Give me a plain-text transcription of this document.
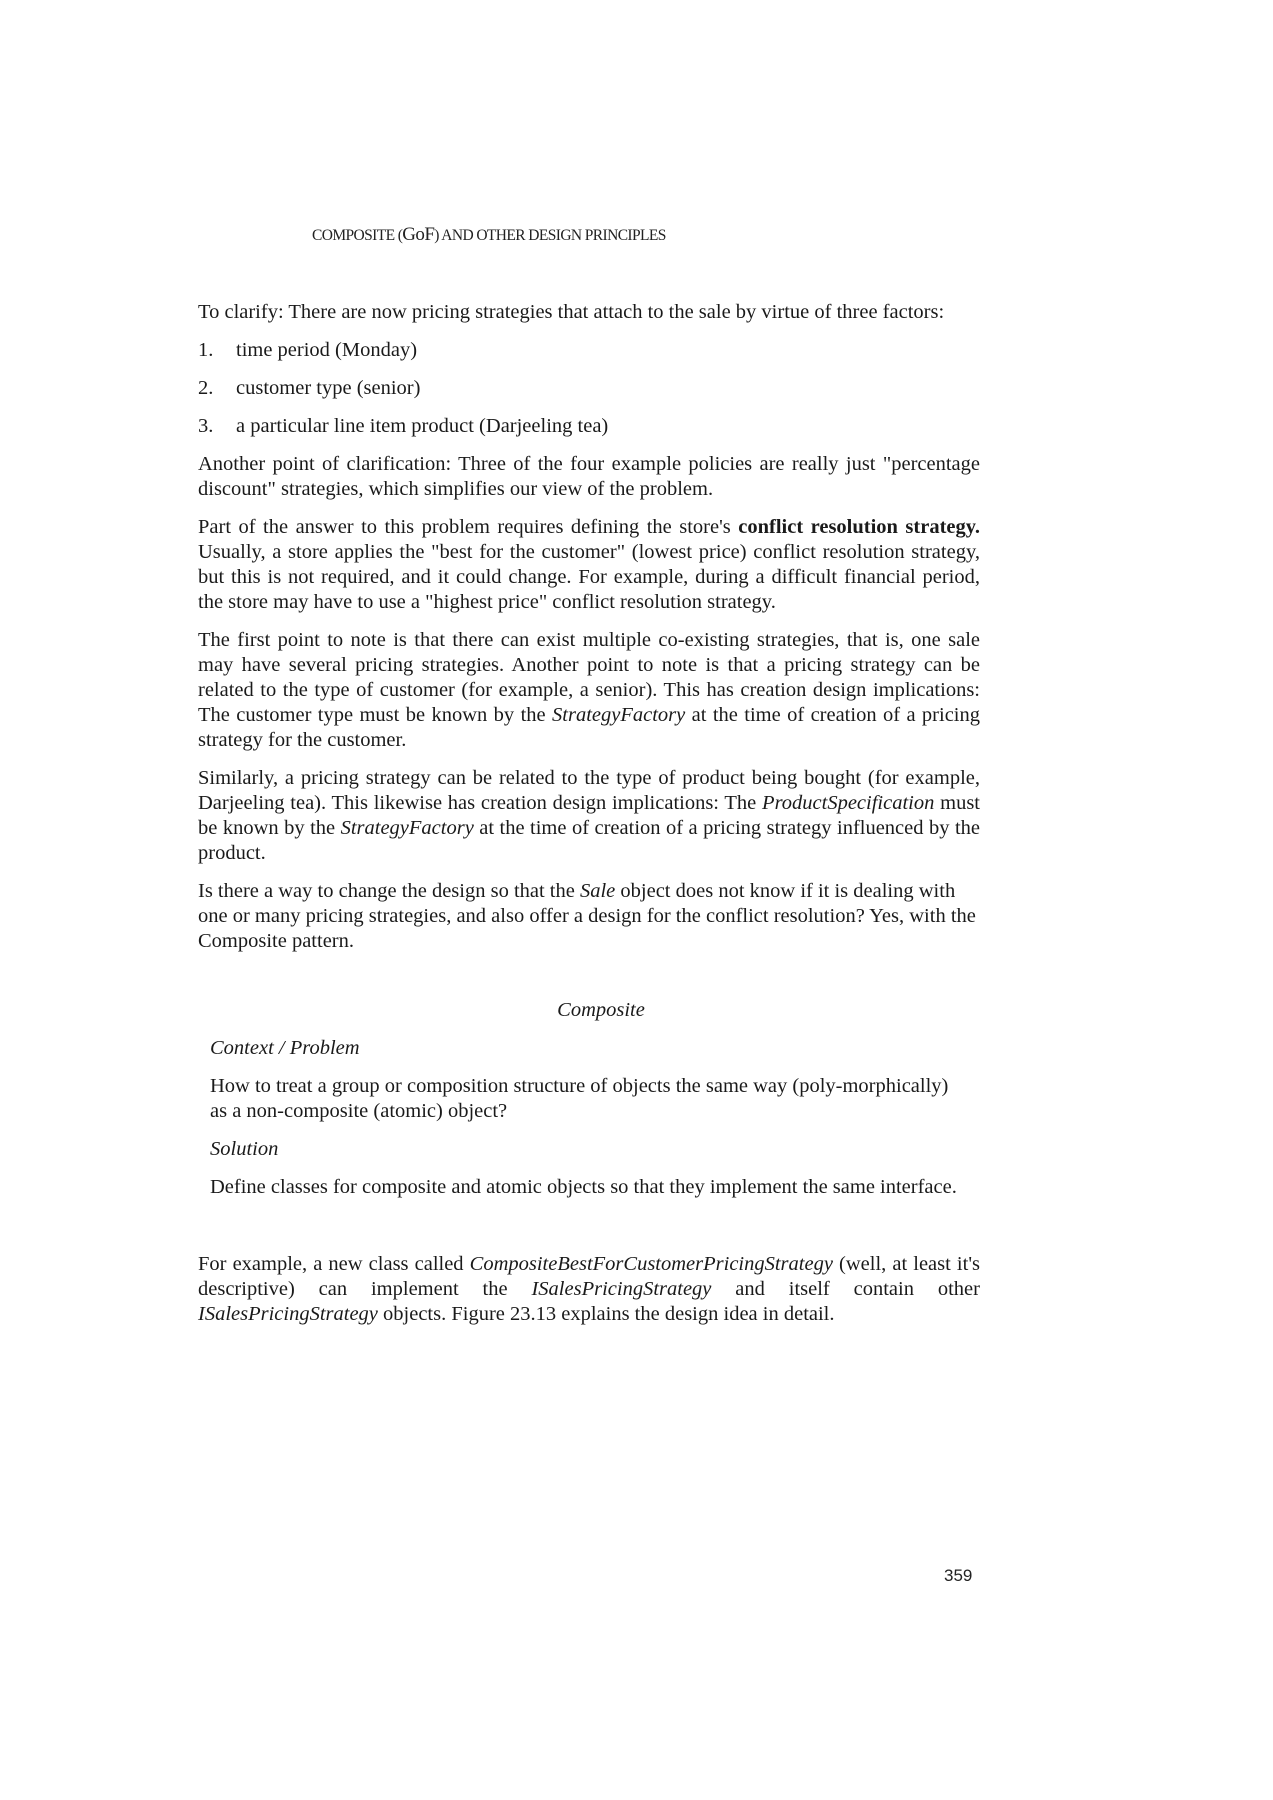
COMPOSITE (GoF) AND OTHER DESIGN PRINCIPLES

To clarify: There are now pricing strategies that attach to the sale by virtue of three factors:

1.	time period (Monday)
2.	customer type (senior)
3.	a particular line item product (Darjeeling tea)

Another point of clarification: Three of the four example policies are really just "percentage discount" strategies, which simplifies our view of the problem.

Part of the answer to this problem requires defining the store's conflict resolution strategy. Usually, a store applies the "best for the customer" (lowest price) conflict resolution strategy, but this is not required, and it could change. For example, during a difficult financial period, the store may have to use a "highest price" conflict resolution strategy.

The first point to note is that there can exist multiple co-existing strategies, that is, one sale may have several pricing strategies. Another point to note is that a pricing strategy can be related to the type of customer (for example, a senior). This has creation design implications: The customer type must be known by the StrategyFactory at the time of creation of a pricing strategy for the customer.

Similarly, a pricing strategy can be related to the type of product being bought (for example, Darjeeling tea). This likewise has creation design implications: The ProductSpecification must be known by the StrategyFactory at the time of creation of a pricing strategy influenced by the product.

Is there a way to change the design so that the Sale object does not know if it is dealing with one or many pricing strategies, and also offer a design for the conflict resolution? Yes, with the Composite pattern.

Composite
Context / Problem
How to treat a group or composition structure of objects the same way (poly-morphically) as a non-composite (atomic) object?
Solution
Define classes for composite and atomic objects so that they implement the same interface.

For example, a new class called CompositeBestForCustomerPricingStrategy (well, at least it's descriptive) can implement the ISalesPricingStrategy and itself contain other ISalesPricingStrategy objects. Figure 23.13 explains the design idea in detail.

359
